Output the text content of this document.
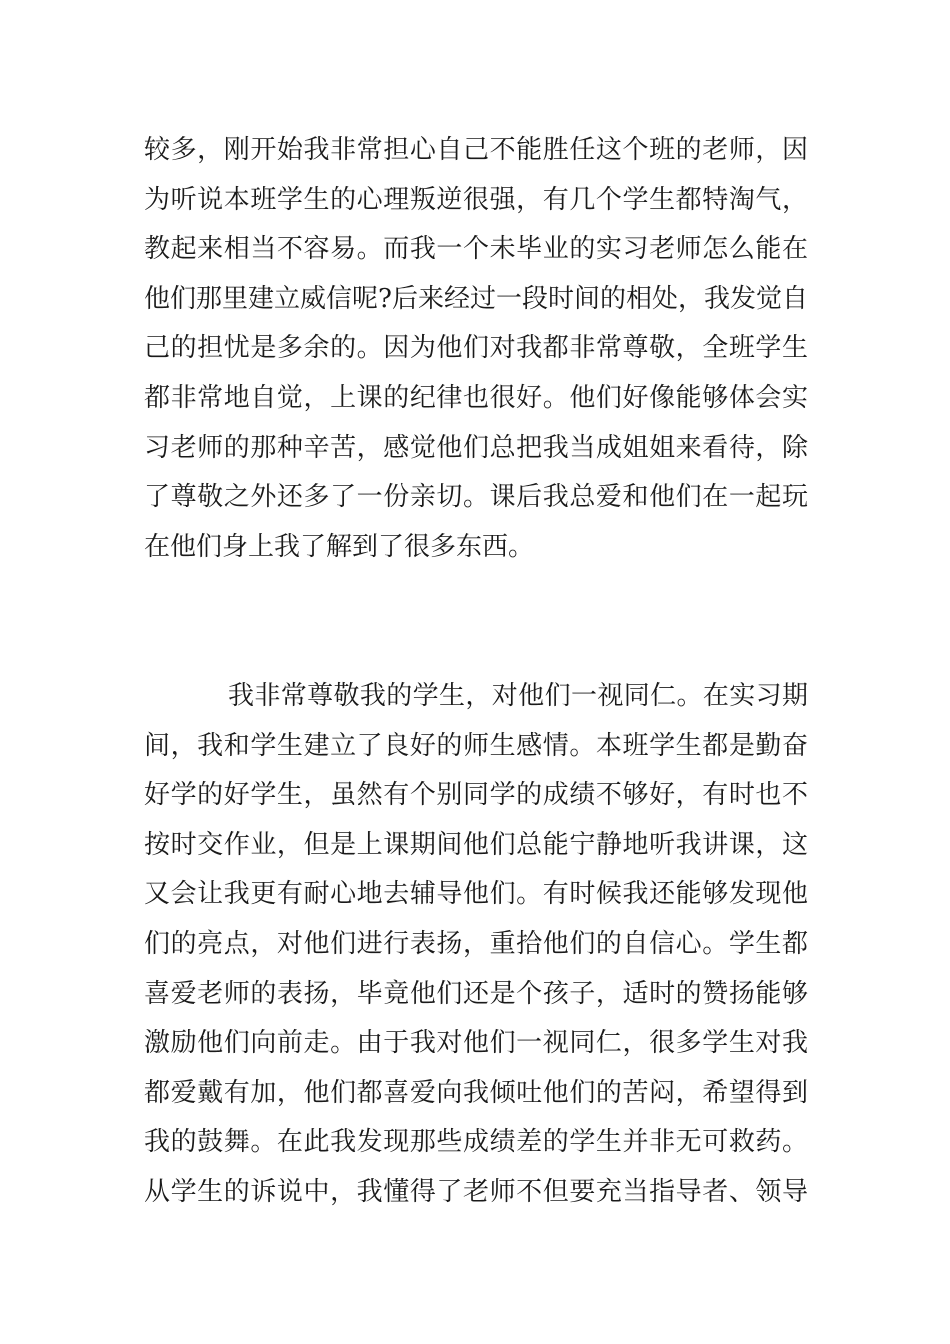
较多，刚开始我非常担心自己不能胜任这个班的老师，因
为听说本班学生的心理叛逆很强，有几个学生都特淘气，
教起来相当不容易。而我一个未毕业的实习老师怎么能在
他们那里建立威信呢?后来经过一段时间的相处，我发觉自
己的担忧是多余的。因为他们对我都非常尊敬，全班学生
都非常地自觉，上课的纪律也很好。他们好像能够体会实
习老师的那种辛苦，感觉他们总把我当成姐姐来看待，除
了尊敬之外还多了一份亲切。课后我总爱和他们在一起玩
在他们身上我了解到了很多东西。
我非常尊敬我的学生，对他们一视同仁。在实习期
间，我和学生建立了良好的师生感情。本班学生都是勤奋
好学的好学生，虽然有个别同学的成绩不够好，有时也不
按时交作业，但是上课期间他们总能宁静地听我讲课，这
又会让我更有耐心地去辅导他们。有时候我还能够发现他
们的亮点，对他们进行表扬，重拾他们的自信心。学生都
喜爱老师的表扬，毕竟他们还是个孩子，适时的赞扬能够
激励他们向前走。由于我对他们一视同仁，很多学生对我
都爱戴有加，他们都喜爱向我倾吐他们的苦闷，希望得到
我的鼓舞。在此我发现那些成绩差的学生并非无可救药。
从学生的诉说中，我懂得了老师不但要充当指导者、领导
